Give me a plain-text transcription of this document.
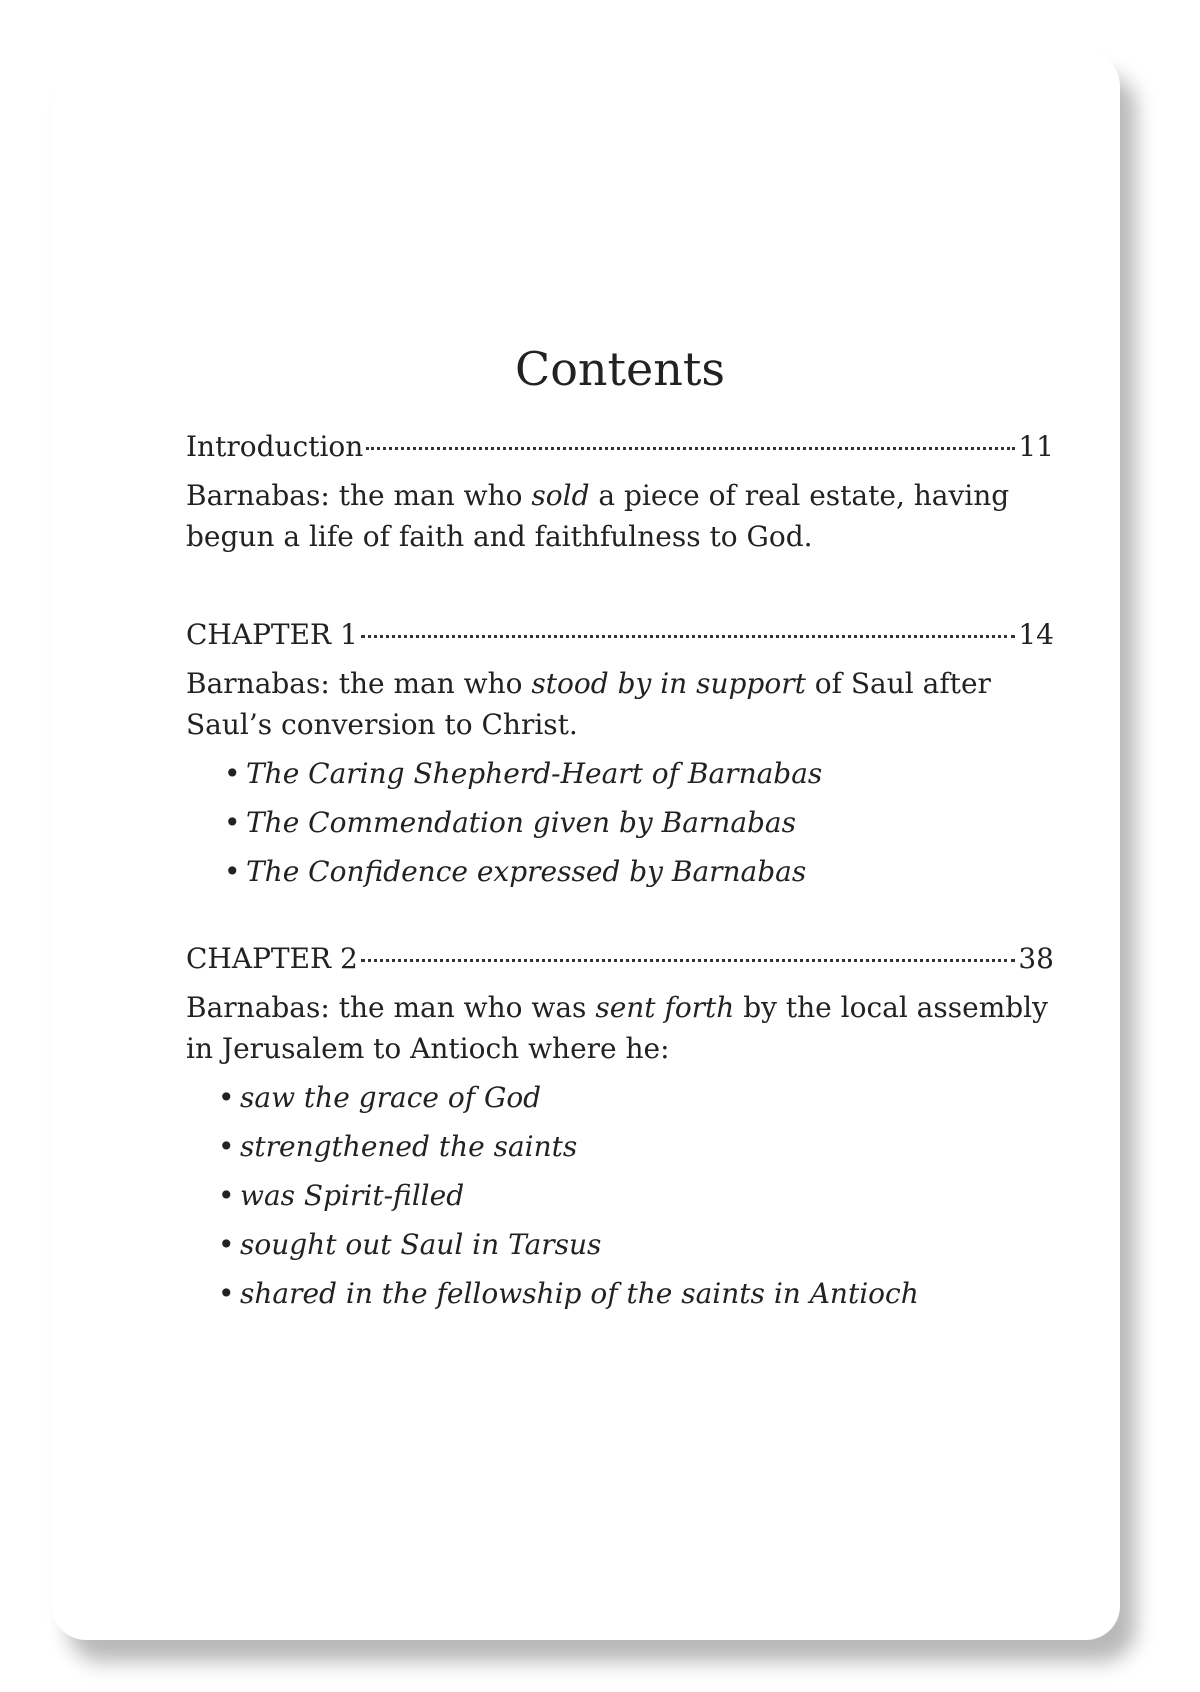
Contents
Introduction	11
Barnabas: the man who sold a piece of real estate, having begun a life of faith and faithfulness to God.
CHAPTER 1	14
Barnabas: the man who stood by in support of Saul after Saul’s conversion to Christ.
• The Caring Shepherd-Heart of Barnabas
• The Commendation given by Barnabas
• The Confidence expressed by Barnabas
CHAPTER 2	38
Barnabas: the man who was sent forth by the local assembly in Jerusalem to Antioch where he:
• saw the grace of God
• strengthened the saints
• was Spirit-filled
• sought out Saul in Tarsus
• shared in the fellowship of the saints in Antioch
